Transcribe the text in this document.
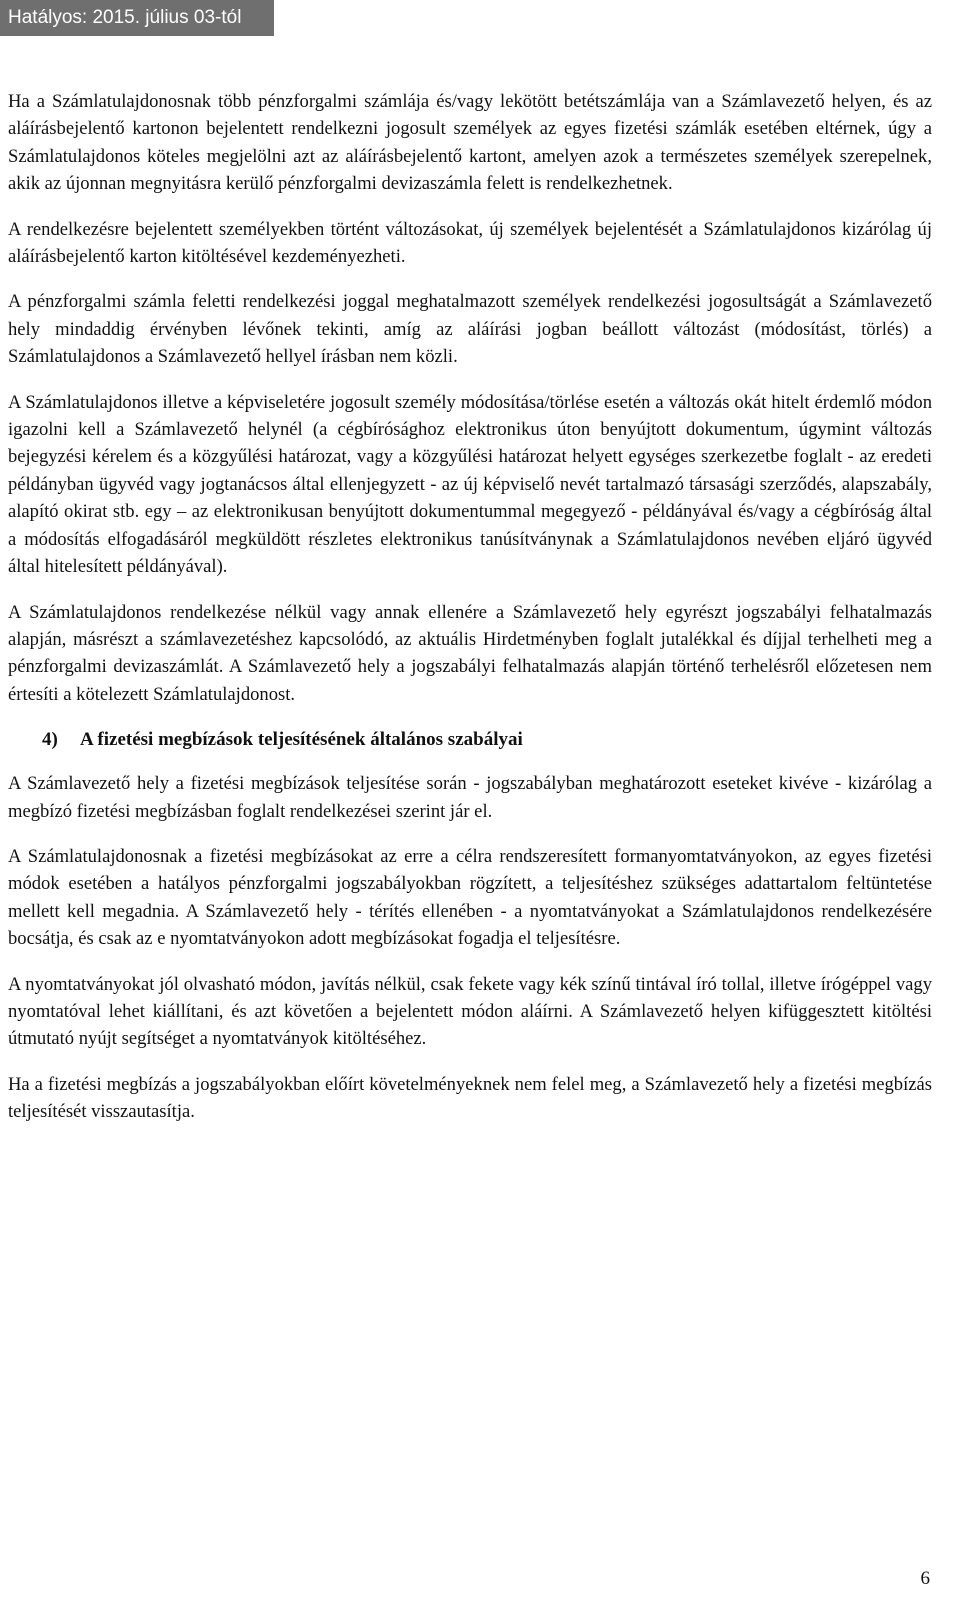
Hatályos: 2015. július 03-tól

Ha a Számlatulajdonosnak több pénzforgalmi számlája és/vagy lekötött betétszámlája van a Számlavezető helyen, és az aláírásbejelentő kartonon bejelentett rendelkezni jogosult személyek az egyes fizetési számlák esetében eltérnek, úgy a Számlatulajdonos köteles megjelölni azt az aláírásbejelentő kartont, amelyen azok a természetes személyek szerepelnek, akik az újonnan megnyitásra kerülő pénzforgalmi devizaszámla felett is rendelkezhetnek.

A rendelkezésre bejelentett személyekben történt változásokat, új személyek bejelentését a Számlatulajdonos kizárólag új aláírásbejelentő karton kitöltésével kezdeményezheti.

A pénzforgalmi számla feletti rendelkezési joggal meghatalmazott személyek rendelkezési jogosultságát a Számlavezető hely mindaddig érvényben lévőnek tekinti, amíg az aláírási jogban beállott változást (módosítást, törlés) a Számlatulajdonos a Számlavezető hellyel írásban nem közli.

A Számlatulajdonos illetve a képviseletére jogosult személy módosítása/törlése esetén a változás okát hitelt érdemlő módon igazolni kell a Számlavezető helynél (a cégbírósághoz elektronikus úton benyújtott dokumentum, úgymint változás bejegyzési kérelem és a közgyűlési határozat, vagy a közgyűlési határozat helyett egységes szerkezetbe foglalt - az eredeti példányban ügyvéd vagy jogtanácsos által ellenjegyzett - az új képviselő nevét tartalmazó társasági szerződés, alapszabály, alapító okirat stb. egy – az elektronikusan benyújtott dokumentummal megegyező - példányával és/vagy a cégbíróság által a módosítás elfogadásáról megküldött részletes elektronikus tanúsítványnak a Számlatulajdonos nevében eljáró ügyvéd által hitelesített példányával).

A Számlatulajdonos rendelkezése nélkül vagy annak ellenére a Számlavezető hely egyrészt jogszabályi felhatalmazás alapján, másrészt a számlavezetéshez kapcsolódó, az aktuális Hirdetményben foglalt jutalékkal és díjjal terhelheti meg a pénzforgalmi devizaszámlát. A Számlavezető hely a jogszabályi felhatalmazás alapján történő terhelésről előzetesen nem értesíti a kötelezett Számlatulajdonost.

4)	A fizetési megbízások teljesítésének általános szabályai

A Számlavezető hely a fizetési megbízások teljesítése során - jogszabályban meghatározott eseteket kivéve - kizárólag a megbízó fizetési megbízásban foglalt rendelkezései szerint jár el.

A Számlatulajdonosnak a fizetési megbízásokat az erre a célra rendszeresített formanyomtatványokon, az egyes fizetési módok esetében a hatályos pénzforgalmi jogszabályokban rögzített, a teljesítéshez szükséges adattartalom feltüntetése mellett kell megadnia. A Számlavezető hely - térítés ellenében - a nyomtatványokat a Számlatulajdonos rendelkezésére bocsátja, és csak az e nyomtatványokon adott megbízásokat fogadja el teljesítésre.

A nyomtatványokat jól olvasható módon, javítás nélkül, csak fekete vagy kék színű tintával író tollal, illetve írógéppel vagy nyomtatóval lehet kiállítani, és azt követően a bejelentett módon aláírni. A Számlavezető helyen kifüggesztett kitöltési útmutató nyújt segítséget a nyomtatványok kitöltéséhez.

Ha a fizetési megbízás a jogszabályokban előírt követelményeknek nem felel meg, a Számlavezető hely a fizetési megbízás teljesítését visszautasítja.

6
